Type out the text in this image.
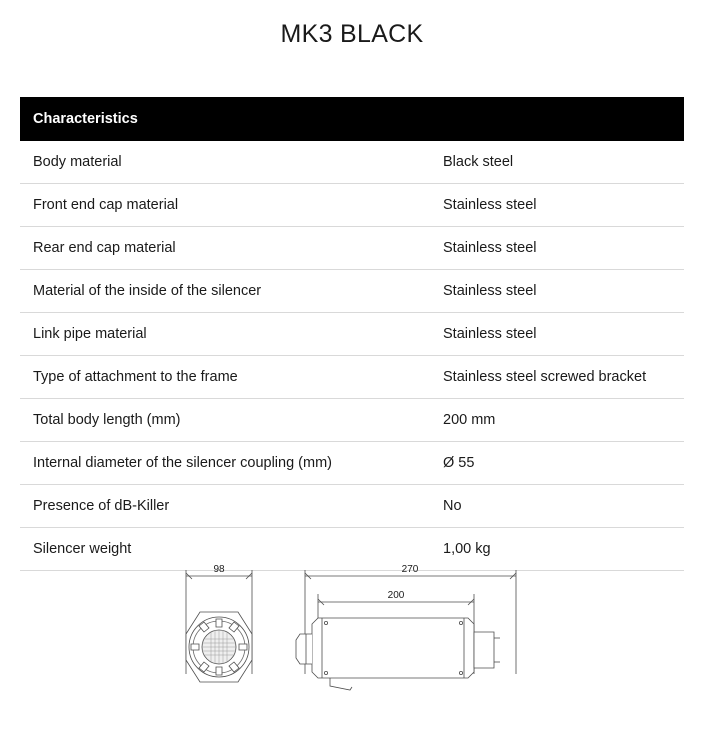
MK3 BLACK
Characteristics	
Body material	Black steel
Front end cap material	Stainless steel
Rear end cap material	Stainless steel
Material of the inside of the silencer	Stainless steel
Link pipe material	Stainless steel
Type of attachment to the frame	Stainless steel screwed bracket
Total body length (mm)	200 mm
Internal diameter of the silencer coupling (mm)	Ø 55
Presence of dB-Killer	No
Silencer weight	1,00 kg
98	270
200
